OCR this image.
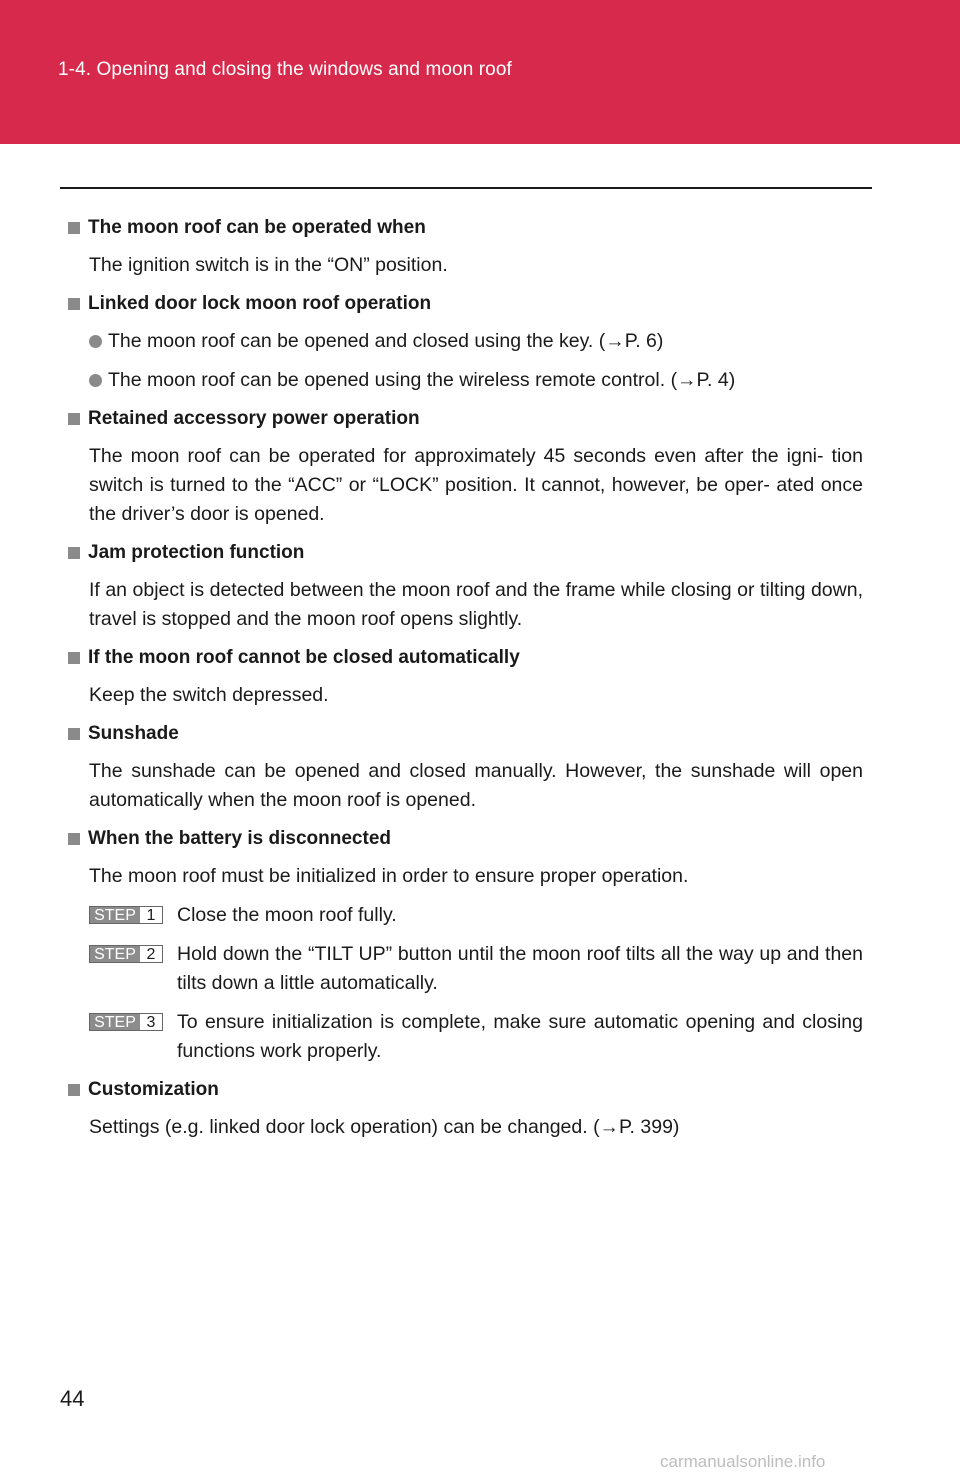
1-4. Opening and closing the windows and moon roof
The moon roof can be operated when
The ignition switch is in the “ON” position.
Linked door lock moon roof operation
The moon roof can be opened and closed using the key. (→P. 6)
The moon roof can be opened using the wireless remote control. (→P. 4)
Retained accessory power operation
The moon roof can be operated for approximately 45 seconds even after the igni- tion switch is turned to the “ACC” or “LOCK” position. It cannot, however, be oper- ated once the driver’s door is opened.
Jam protection function
If an object is detected between the moon roof and the frame while closing or tilting down, travel is stopped and the moon roof opens slightly.
If the moon roof cannot be closed automatically
Keep the switch depressed.
Sunshade
The sunshade can be opened and closed manually. However, the sunshade will open automatically when the moon roof is opened.
When the battery is disconnected
The moon roof must be initialized in order to ensure proper operation.
STEP 1	Close the moon roof fully.
STEP 2	Hold down the “TILT UP” button until the moon roof tilts all the way up and then tilts down a little automatically.
STEP 3	To ensure initialization is complete, make sure automatic opening and closing functions work properly.
Customization
Settings (e.g. linked door lock operation) can be changed. (→P. 399)
44
carmanualsonline.info
